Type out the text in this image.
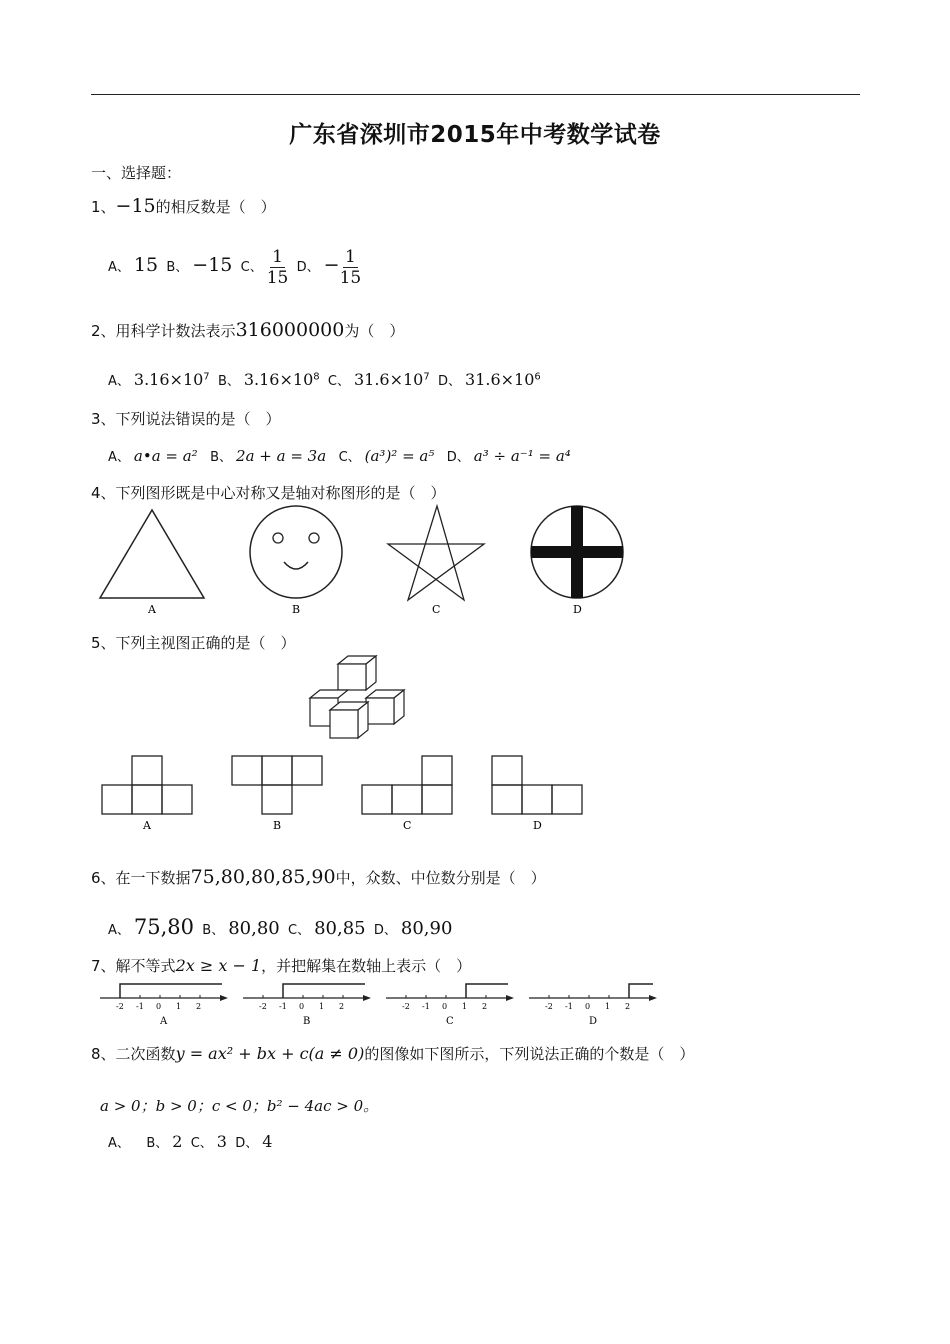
广东省深圳市2015年中考数学试卷
一、选择题：
1、−15的相反数是（　）
A、 15 B、 −15 C、 $\frac{1}{15}$ D、 − $\frac{1}{15}$
2、用科学计数法表示316000000为（　）
A、 $3.16\times 10^7$ B、 $3.16\times 10^8$ C、 $31.6\times 10^7$ D、 $31.6\times 10^6$
3、下列说法错误的是（　）
A、 a•a = a² B、 2a + a = 3a C、 (a³)² = a⁵ D、 a³ ÷ a⁻¹ = a⁴
4、下列图形既是中心对称又是轴对称图形的是（　）
A	B	C	D
5、下列主视图正确的是（　）
A	B	C	D
6、在一下数据75,80,80,85,90中，众数、中位数分别是（　）
A、 75,80 B、 80,80 C、 80,85 D、 80,90
7、解不等式2x ≥ x − 1，并把解集在数轴上表示（　）
-2 -1 0 1 2
A
-2 -1 0 1 2
B
-2 -1 0 1 2
C
-2 -1 0 1 2
D
8、二次函数y = ax² + bx + c(a ≠ 0)的图像如下图所示，下列说法正确的个数是（　）
a > 0；b > 0；c < 0；b² − 4ac > 0。
A、 B、 2 C、 3 D、 4
